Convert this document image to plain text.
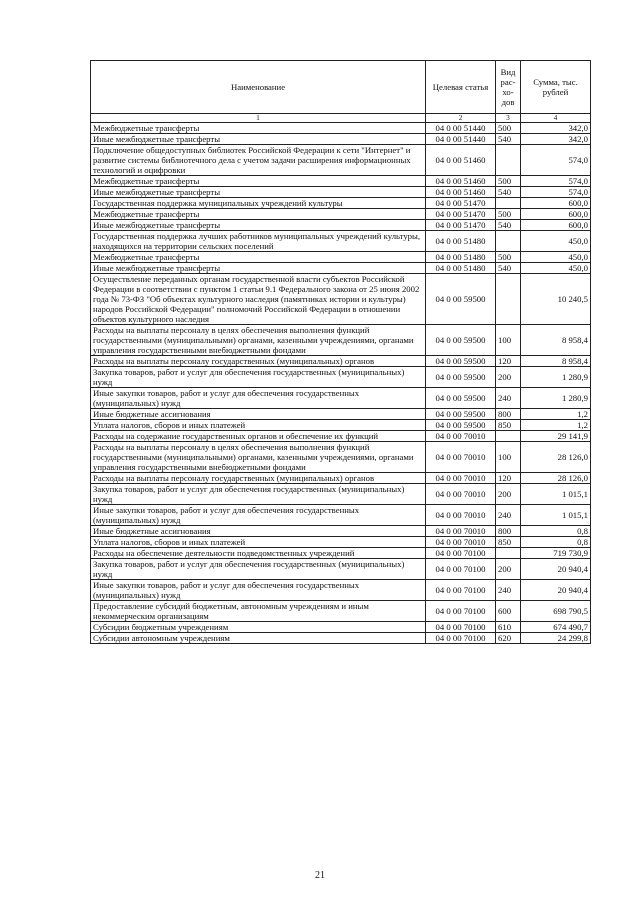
Наименование	Целевая статья	Вид рас-хо-дов	Сумма, тыс. рублей
1	2	3	4
Межбюджетные трансферты	04 0 00 51440	500	342,0
Иные межбюджетные трансферты	04 0 00 51440	540	342,0
Подключение общедоступных библиотек Российской Федерации к сети "Интернет" и развитие системы библиотечного дела с учетом задачи расширения информационных технологий и оцифровки	04 0 00 51460		574,0
Межбюджетные трансферты	04 0 00 51460	500	574,0
Иные межбюджетные трансферты	04 0 00 51460	540	574,0
Государственная поддержка муниципальных учреждений культуры	04 0 00 51470		600,0
Межбюджетные трансферты	04 0 00 51470	500	600,0
Иные межбюджетные трансферты	04 0 00 51470	540	600,0
Государственная поддержка лучших работников муниципальных учреждений культуры, находящихся на территории сельских поселений	04 0 00 51480		450,0
Межбюджетные трансферты	04 0 00 51480	500	450,0
Иные межбюджетные трансферты	04 0 00 51480	540	450,0
Осуществление переданных органам государственной власти субъектов Российской Федерации в соответствии с пунктом 1 статьи 9.1 Федерального закона от 25 июня 2002 года № 73-ФЗ "Об объектах культурного наследия (памятниках истории и культуры) народов Российской Федерации" полномочий Российской Федерации в отношении объектов культурного наследия	04 0 00 59500		10 240,5
Расходы на выплаты персоналу в целях обеспечения выполнения функций государственными (муниципальными) органами, казенными учреждениями, органами управления государственными внебюджетными фондами	04 0 00 59500	100	8 958,4
Расходы на выплаты персоналу государственных (муниципальных) органов	04 0 00 59500	120	8 958,4
Закупка товаров, работ и услуг для обеспечения государственных (муниципальных) нужд	04 0 00 59500	200	1 280,9
Иные закупки товаров, работ и услуг для обеспечения государственных (муниципальных) нужд	04 0 00 59500	240	1 280,9
Иные бюджетные ассигнования	04 0 00 59500	800	1,2
Уплата налогов, сборов и иных платежей	04 0 00 59500	850	1,2
Расходы на содержание государственных органов и обеспечение их функций	04 0 00 70010		29 141,9
Расходы на выплаты персоналу в целях обеспечения выполнения функций государственными (муниципальными) органами, казенными учреждениями, органами управления государственными внебюджетными фондами	04 0 00 70010	100	28 126,0
Расходы на выплаты персоналу государственных (муниципальных) органов	04 0 00 70010	120	28 126,0
Закупка товаров, работ и услуг для обеспечения государственных (муниципальных) нужд	04 0 00 70010	200	1 015,1
Иные закупки товаров, работ и услуг для обеспечения государственных (муниципальных) нужд	04 0 00 70010	240	1 015,1
Иные бюджетные ассигнования	04 0 00 70010	800	0,8
Уплата налогов, сборов и иных платежей	04 0 00 70010	850	0,8
Расходы на обеспечение деятельности подведомственных учреждений	04 0 00 70100		719 730,9
Закупка товаров, работ и услуг для обеспечения государственных (муниципальных) нужд	04 0 00 70100	200	20 940,4
Иные закупки товаров, работ и услуг для обеспечения государственных (муниципальных) нужд	04 0 00 70100	240	20 940,4
Предоставление субсидий бюджетным, автономным учреждениям и иным некоммерческим организациям	04 0 00 70100	600	698 790,5
Субсидии бюджетным учреждениям	04 0 00 70100	610	674 490,7
Субсидии автономным учреждениям	04 0 00 70100	620	24 299,8
21
